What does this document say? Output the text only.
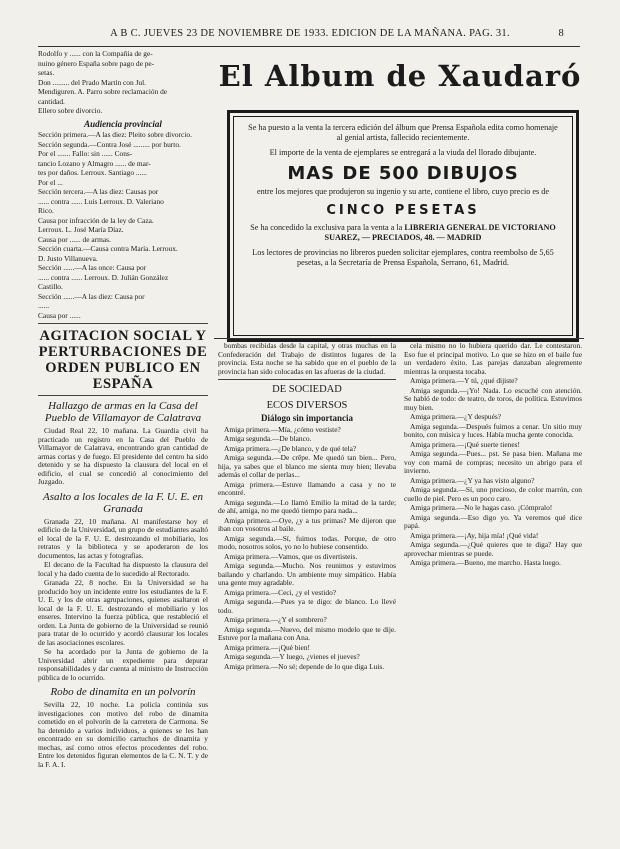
A B C. JUEVES 23 DE NOVIEMBRE DE 1933. EDICION DE LA MAÑANA. PAG. 31.	8

Rodolfo y ...... con la Compañía de ge-

nuino género España sobre pago de pe-

setas.

Don ......... del Prado Martín con Jul.

Mendiguren. A. Parro sobre reclamación de

cantidad.

Ellero sobre divorcio.

Audiencia provincial

Sección primera.—A las diez: Pleito sobre divorcio.

Sección segunda.—Contra José ......... por hurto.

Por el ....... Fallo: sin ...... Cons-

tancio Lozano y Almagro ...... de mar-

tes por daños. Lerroux. Santiago ......

Por el ...

Sección tercera.—A las diez: Causas por

...... contra ...... Luis Lerroux. D. Valeriano

Rico.

Causa por infracción de la ley de Caza.

Lerroux. L. José María Díaz.

Causa por ...... de armas.

Sección cuarta.—Causa contra María. Lerroux.

D. Justo Villanueva.

Sección ......—A las once: Causa por

...... contra ...... Lerroux. D. Julián González

Castillo.

Sección ......—A las diez: Causa por

......

Causa por ......

AGITACION SOCIAL Y PERTURBACIONES DE ORDEN PUBLICO EN ESPAÑA
Hallazgo de armas en la Casa del Pueblo de Villamayor de Calatrava

Ciudad Real 22, 10 mañana. La Guardia civil ha practicado un registro en la Casa del Pueblo de Villamayor de Calatrava, encontrando gran cantidad de armas cortas y de fuego. El presidente del centro ha sido detenido y se ha dispuesto la clausura del local en el edificio, el cual se concedió al conocimiento del Juzgado.

Asalto a los locales de la F. U. E. en Granada

Granada 22, 10 mañana. Al manifestarse hoy el edificio de la Universidad, un grupo de estudiantes asaltó el local de la F. U. E. destrozando el mobiliario, los retratos y la biblioteca y se apoderaron de los documentos, las actas y fotografías.

El decano de la Facultad ha dispuesto la clausura del local y ha dado cuenta de lo sucedido al Rectorado.

Granada 22, 8 noche. En la Universidad se ha producido hoy un incidente entre los estudiantes de la F. U. E. y los de otras agrupaciones, quienes asaltaron el local de la F. U. E. destrozando el mobiliario y los enseres. Intervino la fuerza pública, que restableció el orden. La Junta de gobierno de la Universidad se reunió para tratar de lo ocurrido y acordó clausurar los locales de las asociaciones escolares.

Se ha acordado por la Junta de gobierno de la Universidad abrir un expediente para depurar responsabilidades y dar cuenta al ministro de Instrucción pública de lo ocurrido.

Robo de dinamita en un polvorín

Sevilla 22, 10 noche. La policía continúa sus investigaciones con motivo del robo de dinamita cometido en el polvorín de la carretera de Carmona. Se ha detenido a varios individuos, a quienes se les han encontrado en su domicilio cartuchos de dinamita y mechas, así como otros efectos procedentes del robo. Entre los detenidos figuran elementos de la C. N. T. y de la F. A. I.

El Album de Xaudaró

Se ha puesto a la venta la tercera edición del álbum que Prensa Española edita como homenaje al genial artista, fallecido recientemente.

El importe de la venta de ejemplares se entregará a la viuda del llorado dibujante.

MAS DE 500 DIBUJOS

entre los mejores que produjeron su ingenio y su arte, contiene el libro, cuyo precio es de

CINCO PESETAS

Se ha concedido la exclusiva para la venta a la LIBRERIA GENERAL DE VICTORIANO SUAREZ, — PRECIADOS, 48. — MADRID

Los lectores de provincias no libreros pueden solicitar ejemplares, contra reembolso de 5,65 pesetas, a la Secretaría de Prensa Española, Serrano, 61, Madrid.

bombas recibidas desde la capital, y otras muchas en la Confederación del Trabajo de distintos lugares de la provincia. Esta noche se ha sabido que en el pueblo de la provincia han sido colocadas en las afueras de la ciudad.

DE SOCIEDAD
ECOS DIVERSOS
Diálogo sin importancia

Amiga primera.—Mía, ¿cómo vestiste?

Amiga segunda.—De blanco.

Amiga primera.—¿De blanco, y de qué tela?

Amiga segunda.—De crêpe. Me quedó tan bien... Pero, hija, ya sabes que el blanco me sienta muy bien; llevaba además el collar de perlas...

Amiga primera.—Estuve llamando a casa y no te encontré.

Amiga segunda.—Lo llamó Emilio la mitad de la tarde; de ahí, amiga, no me quedó tiempo para nada...

Amiga primera.—Oye, ¿y a tus primas? Me dijeron que iban con vosotros al baile.

Amiga segunda.—Sí, fuimos todas. Porque, de otro modo, nosotros solos, yo no lo hubiese consentido.

Amiga primera.—Vamos, que os divertisteis.

Amiga segunda.—Mucho. Nos reunimos y estuvimos bailando y charlando. Un ambiente muy simpático. Había una gente muy agradable.

Amiga primera.—Ceci, ¿y el vestido?

Amiga segunda.—Pues ya te digo: de blanco. Lo llevé todo.

Amiga primera.—¿Y el sombrero?

Amiga segunda.—Nuevo, del mismo modelo que te dije. Estuve por la mañana con Ana.

Amiga primera.—¡Qué bien!

Amiga segunda.—Y luego, ¿vienes el jueves?

Amiga primera.—No sé; depende de lo que diga Luis.

cela mismo no lo hubiera querido dar. Le contestaron. Eso fue el principal motivo. Lo que se hizo en el baile fue un verdadero éxito. Las parejas danzaban alegremente mientras la orquesta tocaba.

Amiga primera.—Y tú, ¿qué dijiste?

Amiga segunda.—¡Yo! Nada. Lo escuché con atención. Se habló de todo: de teatro, de toros, de política. Estuvimos muy bien.

Amiga primera.—¿Y después?

Amiga segunda.—Después fuimos a cenar. Un sitio muy bonito, con música y luces. Había mucha gente conocida.

Amiga primera.—¡Qué suerte tienes!

Amiga segunda.—Pues... pst. Se pasa bien. Mañana me voy con mamá de compras; necesito un abrigo para el invierno.

Amiga primera.—¿Y ya has visto alguno?

Amiga segunda.—Sí, uno precioso, de color marrón, con cuello de piel. Pero es un poco caro.

Amiga primera.—No le hagas caso. ¡Cómpralo!

Amiga segunda.—Eso digo yo. Ya veremos qué dice papá.

Amiga primera.—¡Ay, hija mía! ¡Qué vida!

Amiga segunda.—¿Qué quieres que te diga? Hay que aprovechar mientras se puede.

Amiga primera.—Bueno, me marcho. Hasta luego.
